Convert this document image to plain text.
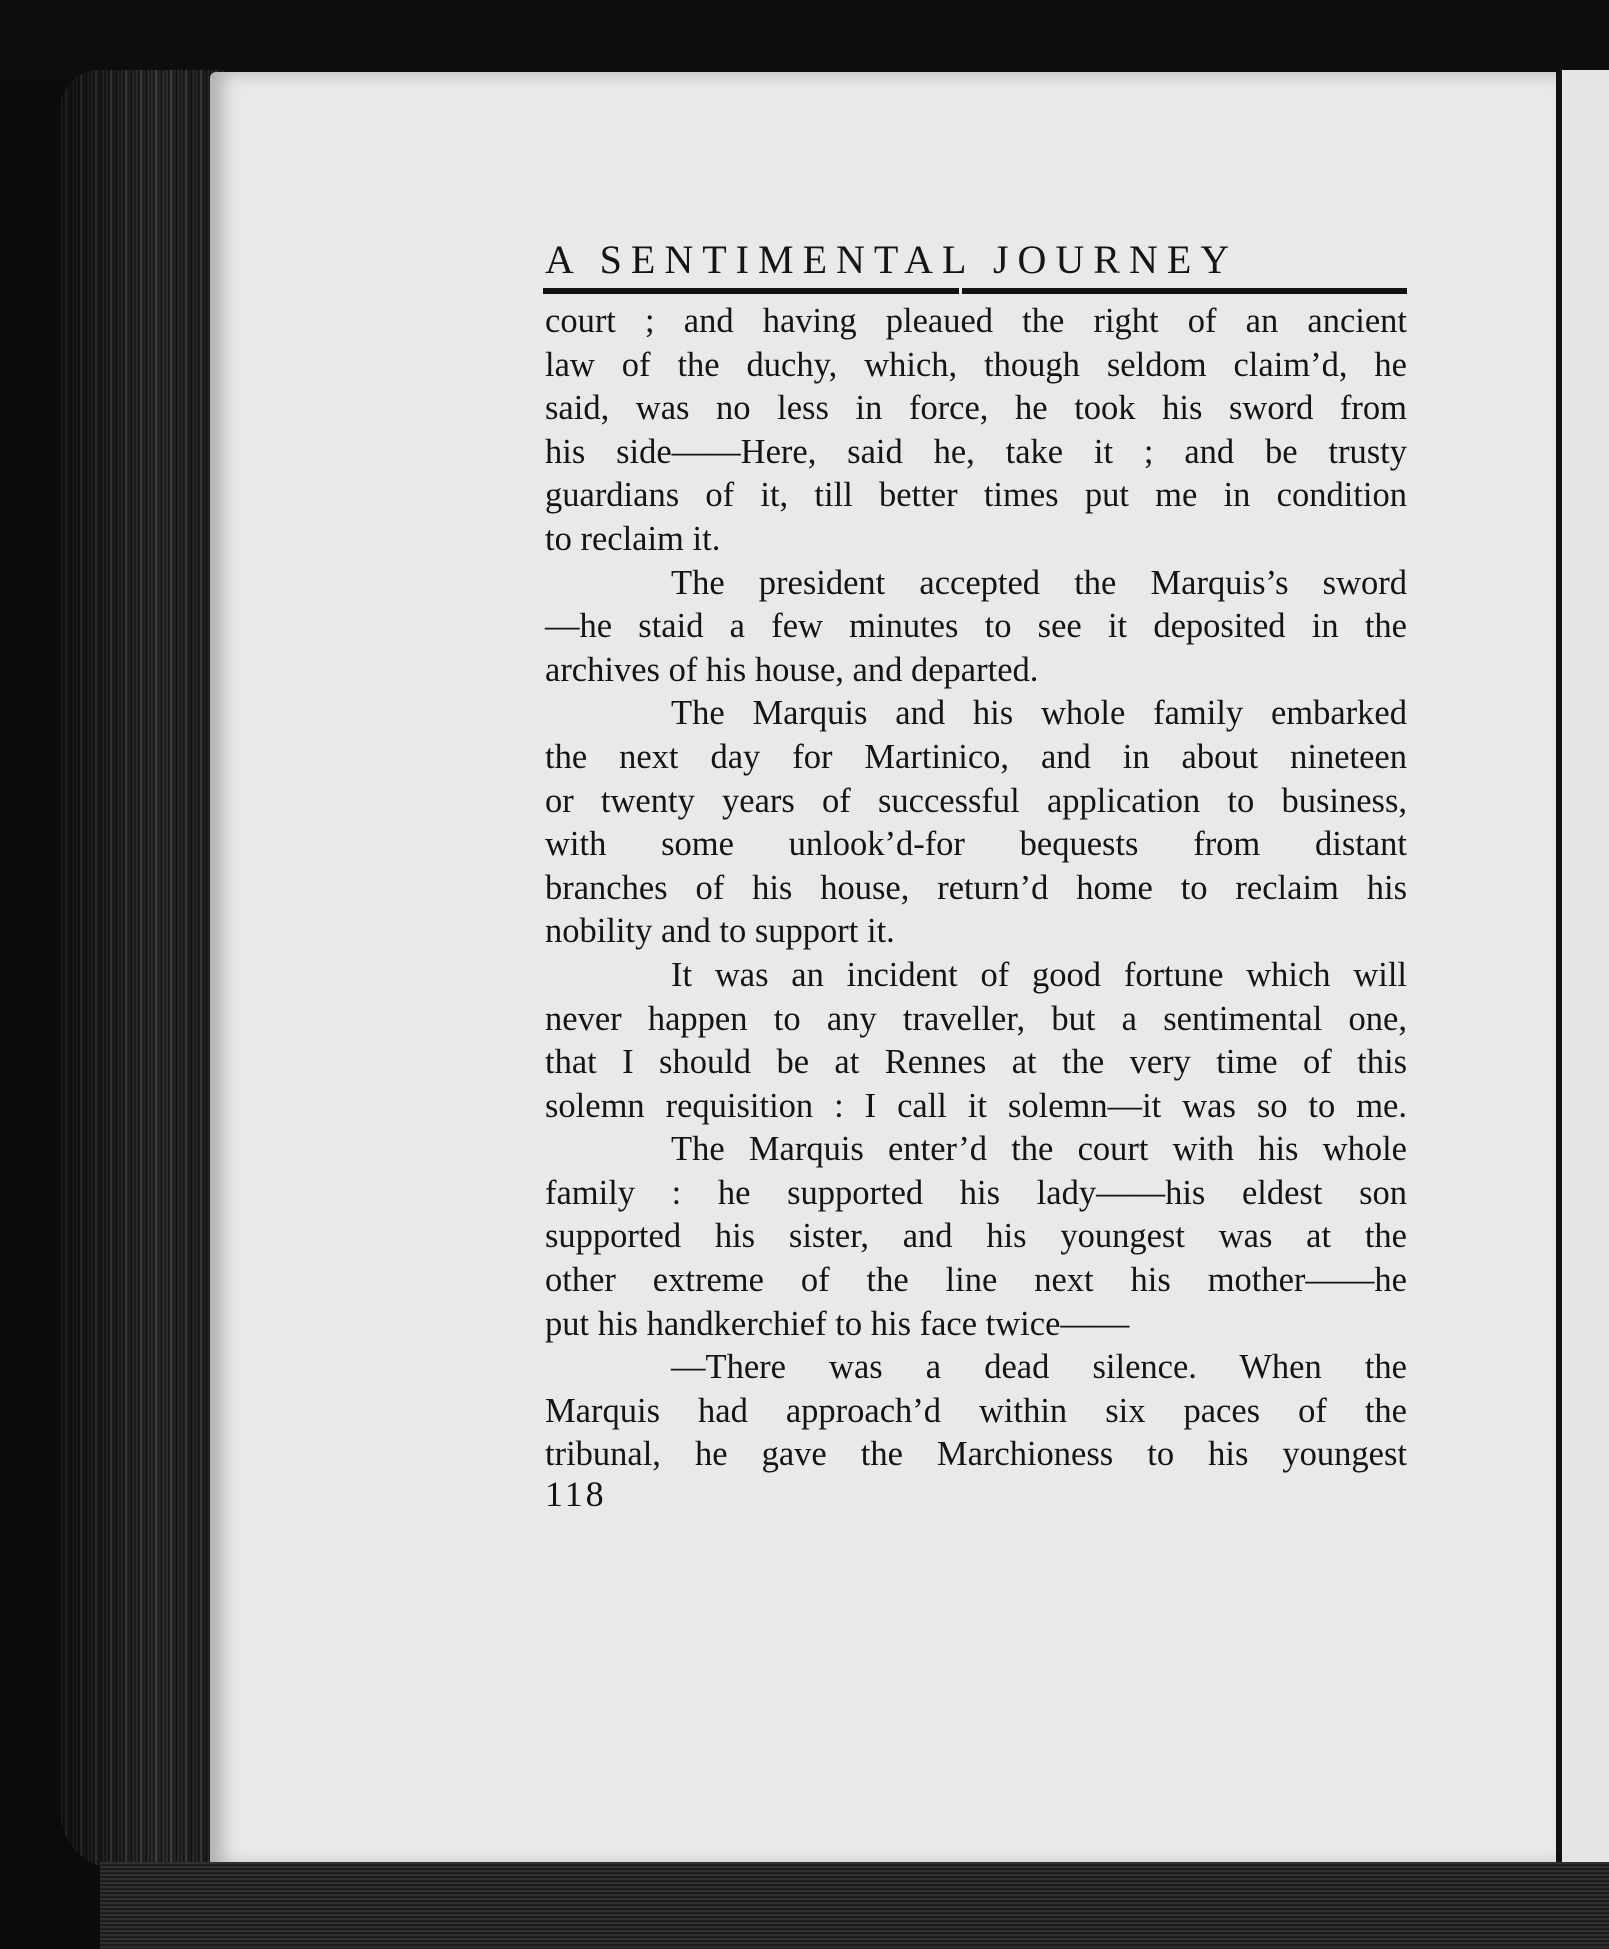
A SENTIMENTAL JOURNEY
court ; and having pleaued the right of an ancient
law of the duchy, which, though seldom claim’d, he
said, was no less in force, he took his sword from
his side——Here, said he, take it ; and be trusty
guardians of it, till better times put me in condition
to reclaim it.
The president accepted the Marquis’s sword
—he staid a few minutes to see it deposited in the
archives of his house, and departed.
The Marquis and his whole family embarked
the next day for Martinico, and in about nineteen
or twenty years of successful application to business,
with some unlook’d-for bequests from distant
branches of his house, return’d home to reclaim his
nobility and to support it.
It was an incident of good fortune which will
never happen to any traveller, but a sentimental one,
that I should be at Rennes at the very time of this
solemn requisition : I call it solemn—it was so to me.
The Marquis enter’d the court with his whole
family : he supported his lady——his eldest son
supported his sister, and his youngest was at the
other extreme of the line next his mother——he
put his handkerchief to his face twice——
—There was a dead silence. When the
Marquis had approach’d within six paces of the
tribunal, he gave the Marchioness to his youngest
118
